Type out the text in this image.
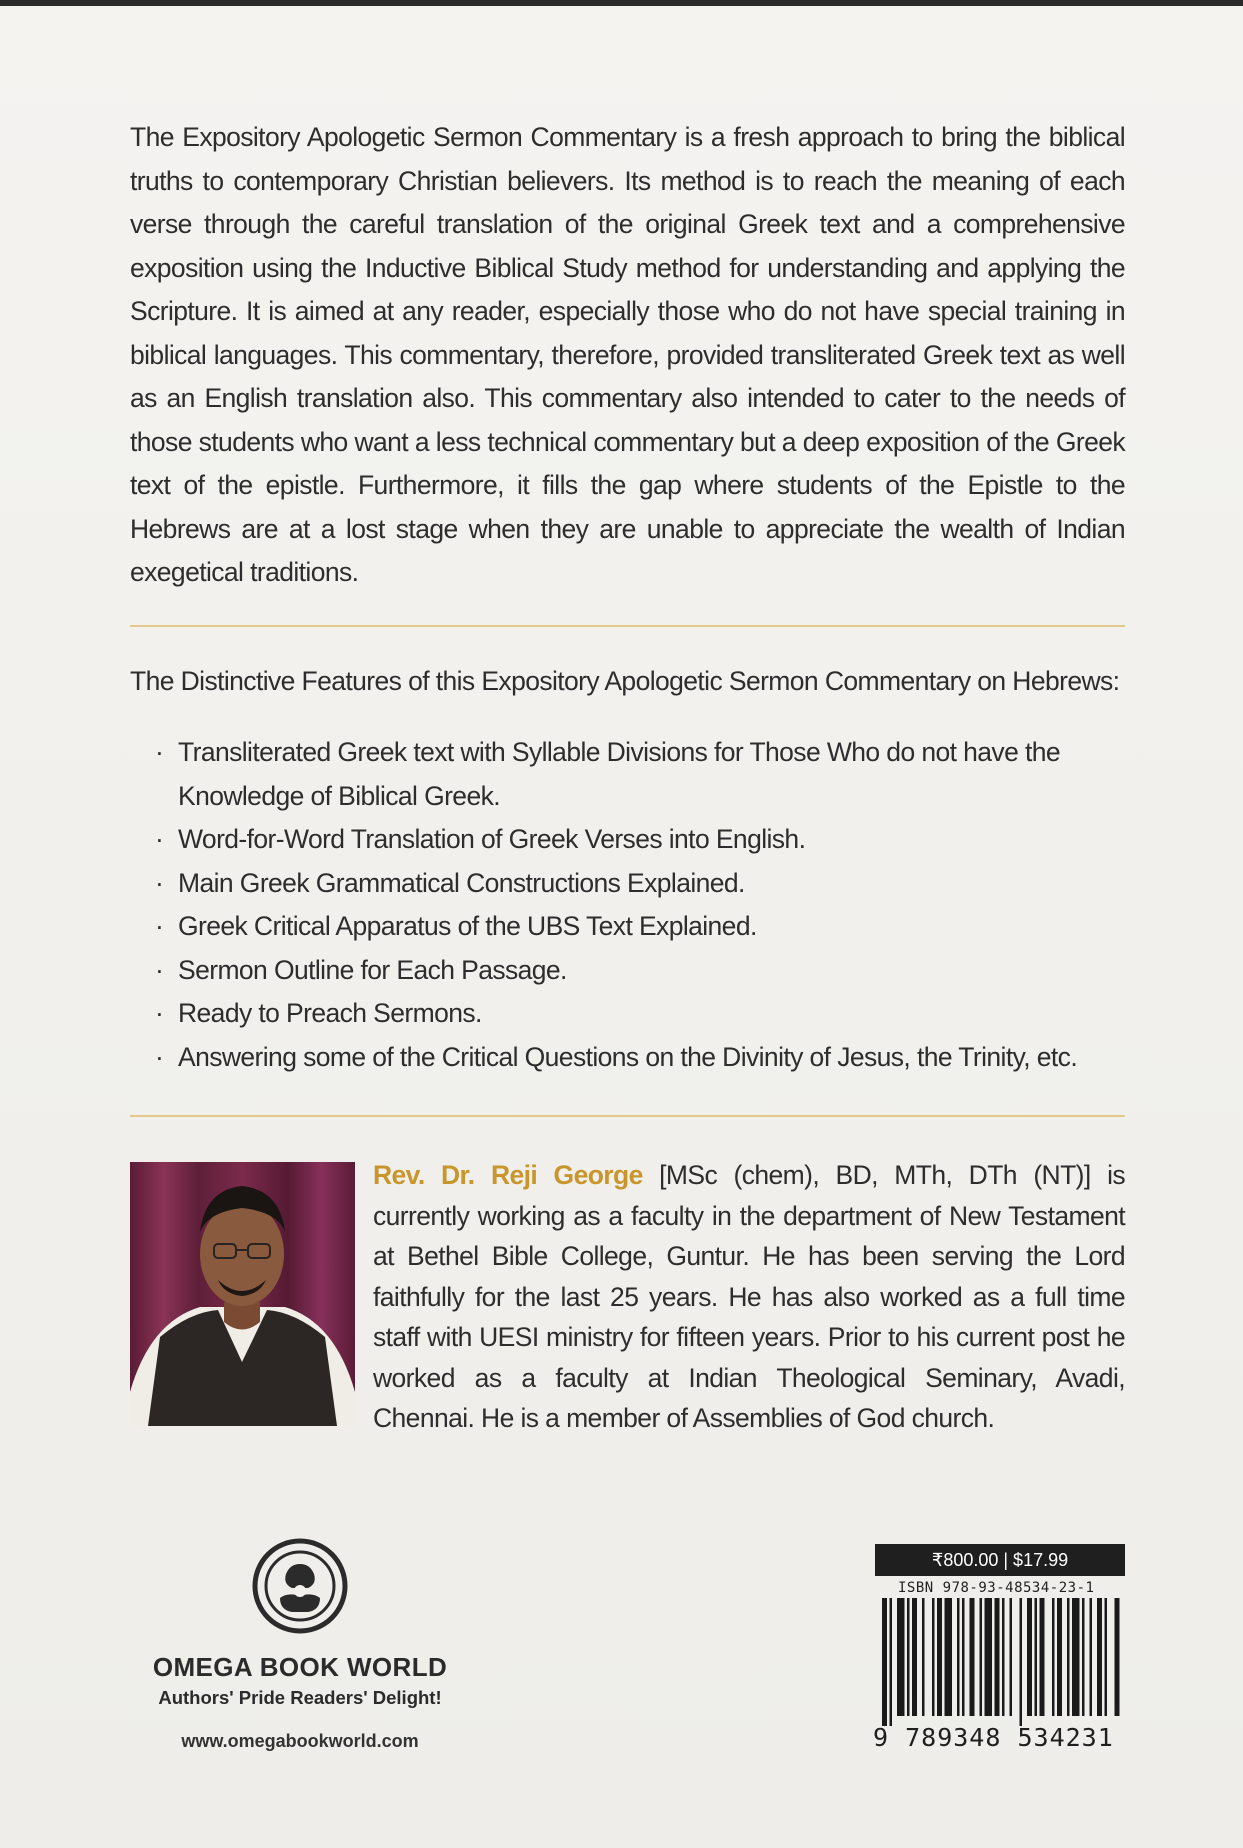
The Expository Apologetic Sermon Commentary is a fresh approach to bring the biblical truths to contemporary Christian believers. Its method is to reach the meaning of each verse through the careful translation of the original Greek text and a comprehensive exposition using the Inductive Biblical Study method for understanding and applying the Scripture. It is aimed at any reader, especially those who do not have special training in biblical languages. This commentary, therefore, provided transliterated Greek text as well as an English translation also. This commentary also intended to cater to the needs of those students who want a less technical commentary but a deep exposition of the Greek text of the epistle. Furthermore, it fills the gap where students of the Epistle to the Hebrews are at a lost stage when they are unable to appreciate the wealth of Indian exegetical traditions.

The Distinctive Features of this Expository Apologetic Sermon Commentary on Hebrews:

· Transliterated Greek text with Syllable Divisions for Those Who do not have the Knowledge of Biblical Greek.
· Word-for-Word Translation of Greek Verses into English.
· Main Greek Grammatical Constructions Explained.
· Greek Critical Apparatus of the UBS Text Explained.
· Sermon Outline for Each Passage.
· Ready to Preach Sermons.
· Answering some of the Critical Questions on the Divinity of Jesus, the Trinity, etc.

Rev. Dr. Reji George [MSc (chem), BD, MTh, DTh (NT)] is currently working as a faculty in the department of New Testament at Bethel Bible College, Guntur. He has been serving the Lord faithfully for the last 25 years. He has also worked as a full time staff with UESI ministry for fifteen years. Prior to his current post he worked as a faculty at Indian Theological Seminary, Avadi, Chennai. He is a member of Assemblies of God church.

OMEGA BOOK WORLD
Authors' Pride Readers' Delight!
www.omegabookworld.com
₹800.00 | $17.99
ISBN 978-93-48534-23-1
9 789348 534231
